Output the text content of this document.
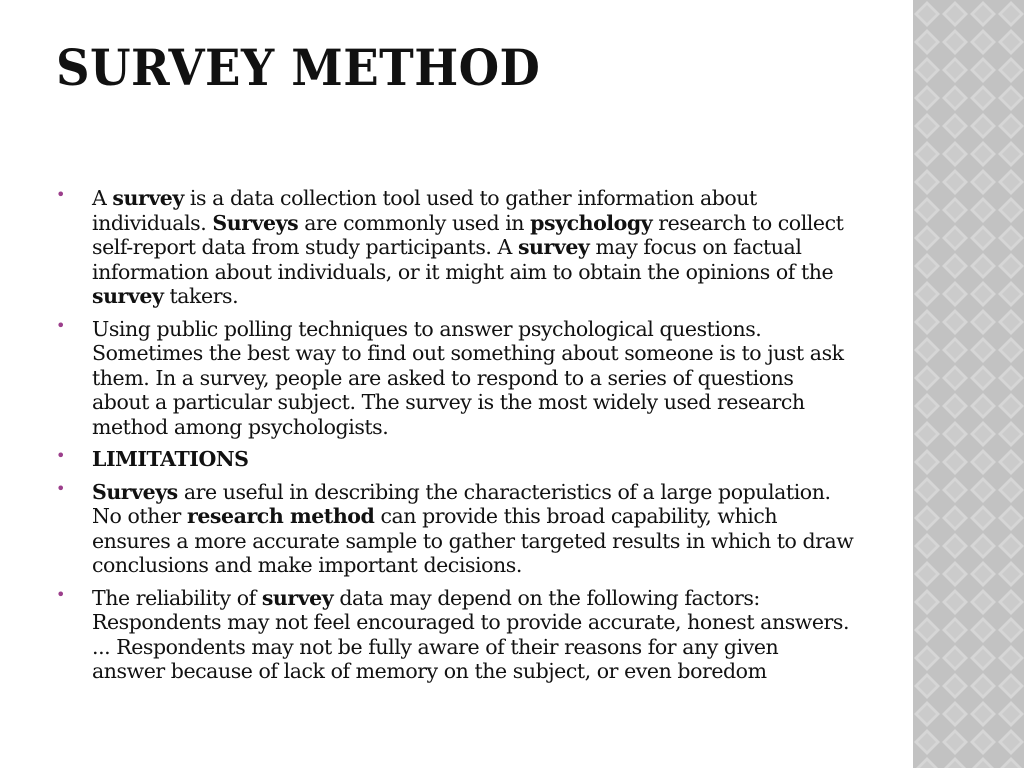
SURVEY METHOD
• A survey is a data collection tool used to gather information about individuals. Surveys are commonly used in psychology research to collect self-report data from study participants. A survey may focus on factual information about individuals, or it might aim to obtain the opinions of the survey takers.
• Using public polling techniques to answer psychological questions. Sometimes the best way to find out something about someone is to just ask them. In a survey, people are asked to respond to a series of questions about a particular subject. The survey is the most widely used research method among psychologists.
• LIMITATIONS
• Surveys are useful in describing the characteristics of a large population. No other research method can provide this broad capability, which ensures a more accurate sample to gather targeted results in which to draw conclusions and make important decisions.
• The reliability of survey data may depend on the following factors: Respondents may not feel encouraged to provide accurate, honest answers. ... Respondents may not be fully aware of their reasons for any given answer because of lack of memory on the subject, or even boredom
